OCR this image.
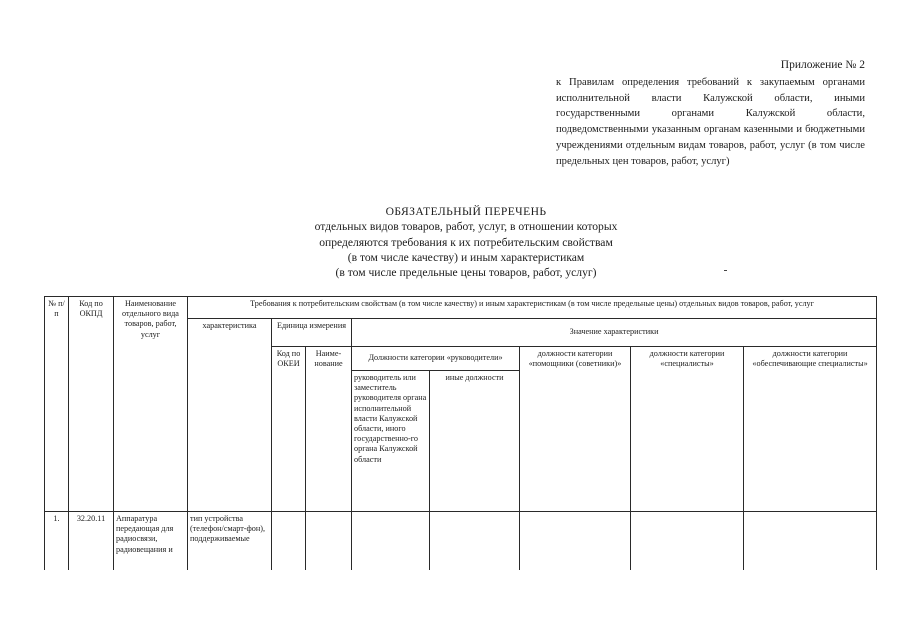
Приложение № 2
к Правилам определения требований к закупаемым органами исполнительной власти Калужской области, иными государственными органами Калужской области, подведомственными указанным органам казенными и бюджетными учреждениями отдельным видам товаров, работ, услуг (в том числе предельных цен товаров, работ, услуг)
ОБЯЗАТЕЛЬНЫЙ ПЕРЕЧЕНЬ
отдельных видов товаров, работ, услуг, в отношении которых
определяются требования к их потребительским свойствам
(в том числе качеству) и иным характеристикам
(в том числе предельные цены товаров, работ, услуг)
№ п/п	Код по ОКПД	Наименование отдельного вида товаров, работ, услуг	Требования к потребительским свойствам (в том числе качеству) и иным характеристикам (в том числе предельные цены) отдельных видов товаров, работ, услуг							
			характеристика	Единица измерения		Значение характеристики				
				Код по ОКЕИ	Наиме-нование	Должности категории «руководители»		должности категории «помощники (советники)»	должности категории «специалисты»	должности категории «обеспечивающие специалисты»
						руководитель или заместитель руководителя органа исполнительной власти Калужской области, иного государственно-го органа Калужской области	иные должности			
1.	32.20.11	Аппаратура передающая для радиосвязи, радиовещания и	тип устройства (телефон/смарт-фон), поддерживаемые							
